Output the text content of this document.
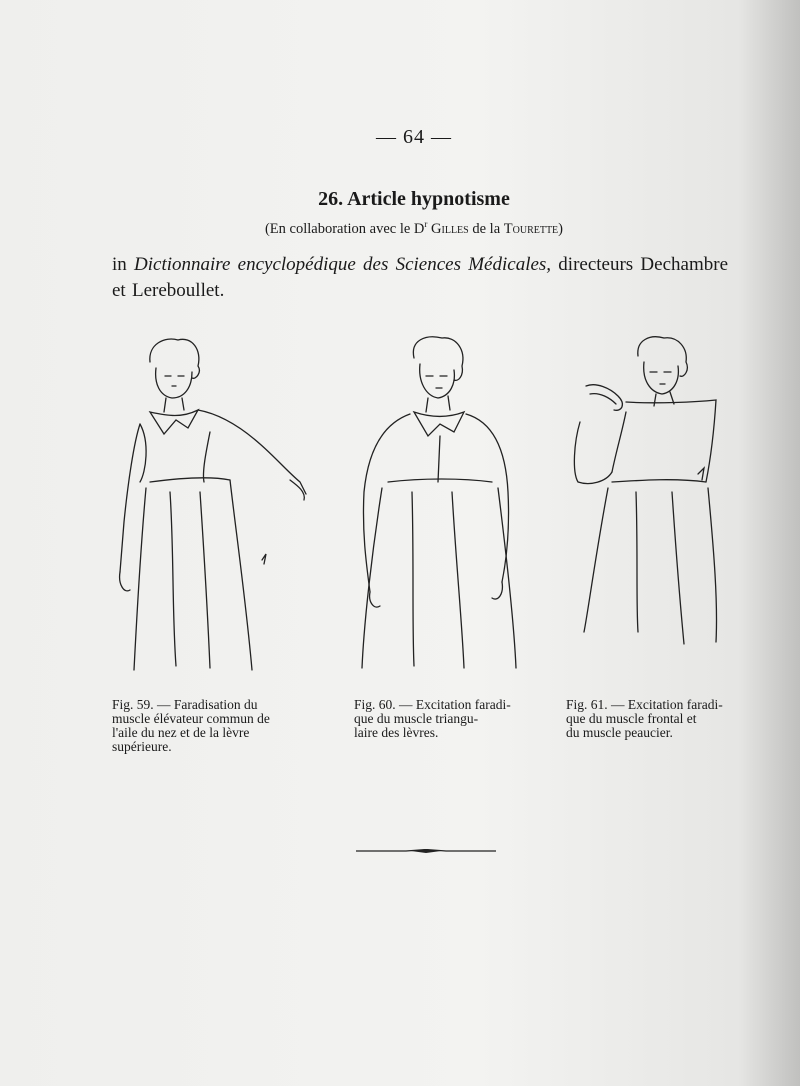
— 64 —
26. Article hypnotisme
(En collaboration avec le $D^r$ Gilles de la Tourette)
in Dictionnaire encyclopédique des Sciences Médicales, directeurs Dechambre et Lereboullet.
Fig. 59. — Faradisation du
muscle élévateur commun de
l'aile du nez et de la lèvre
supérieure.
Fig. 60. — Excitation faradi-
que du muscle triangu-
laire des lèvres.
Fig. 61. — Excitation faradi-
que du muscle frontal et
du muscle peaucier.
